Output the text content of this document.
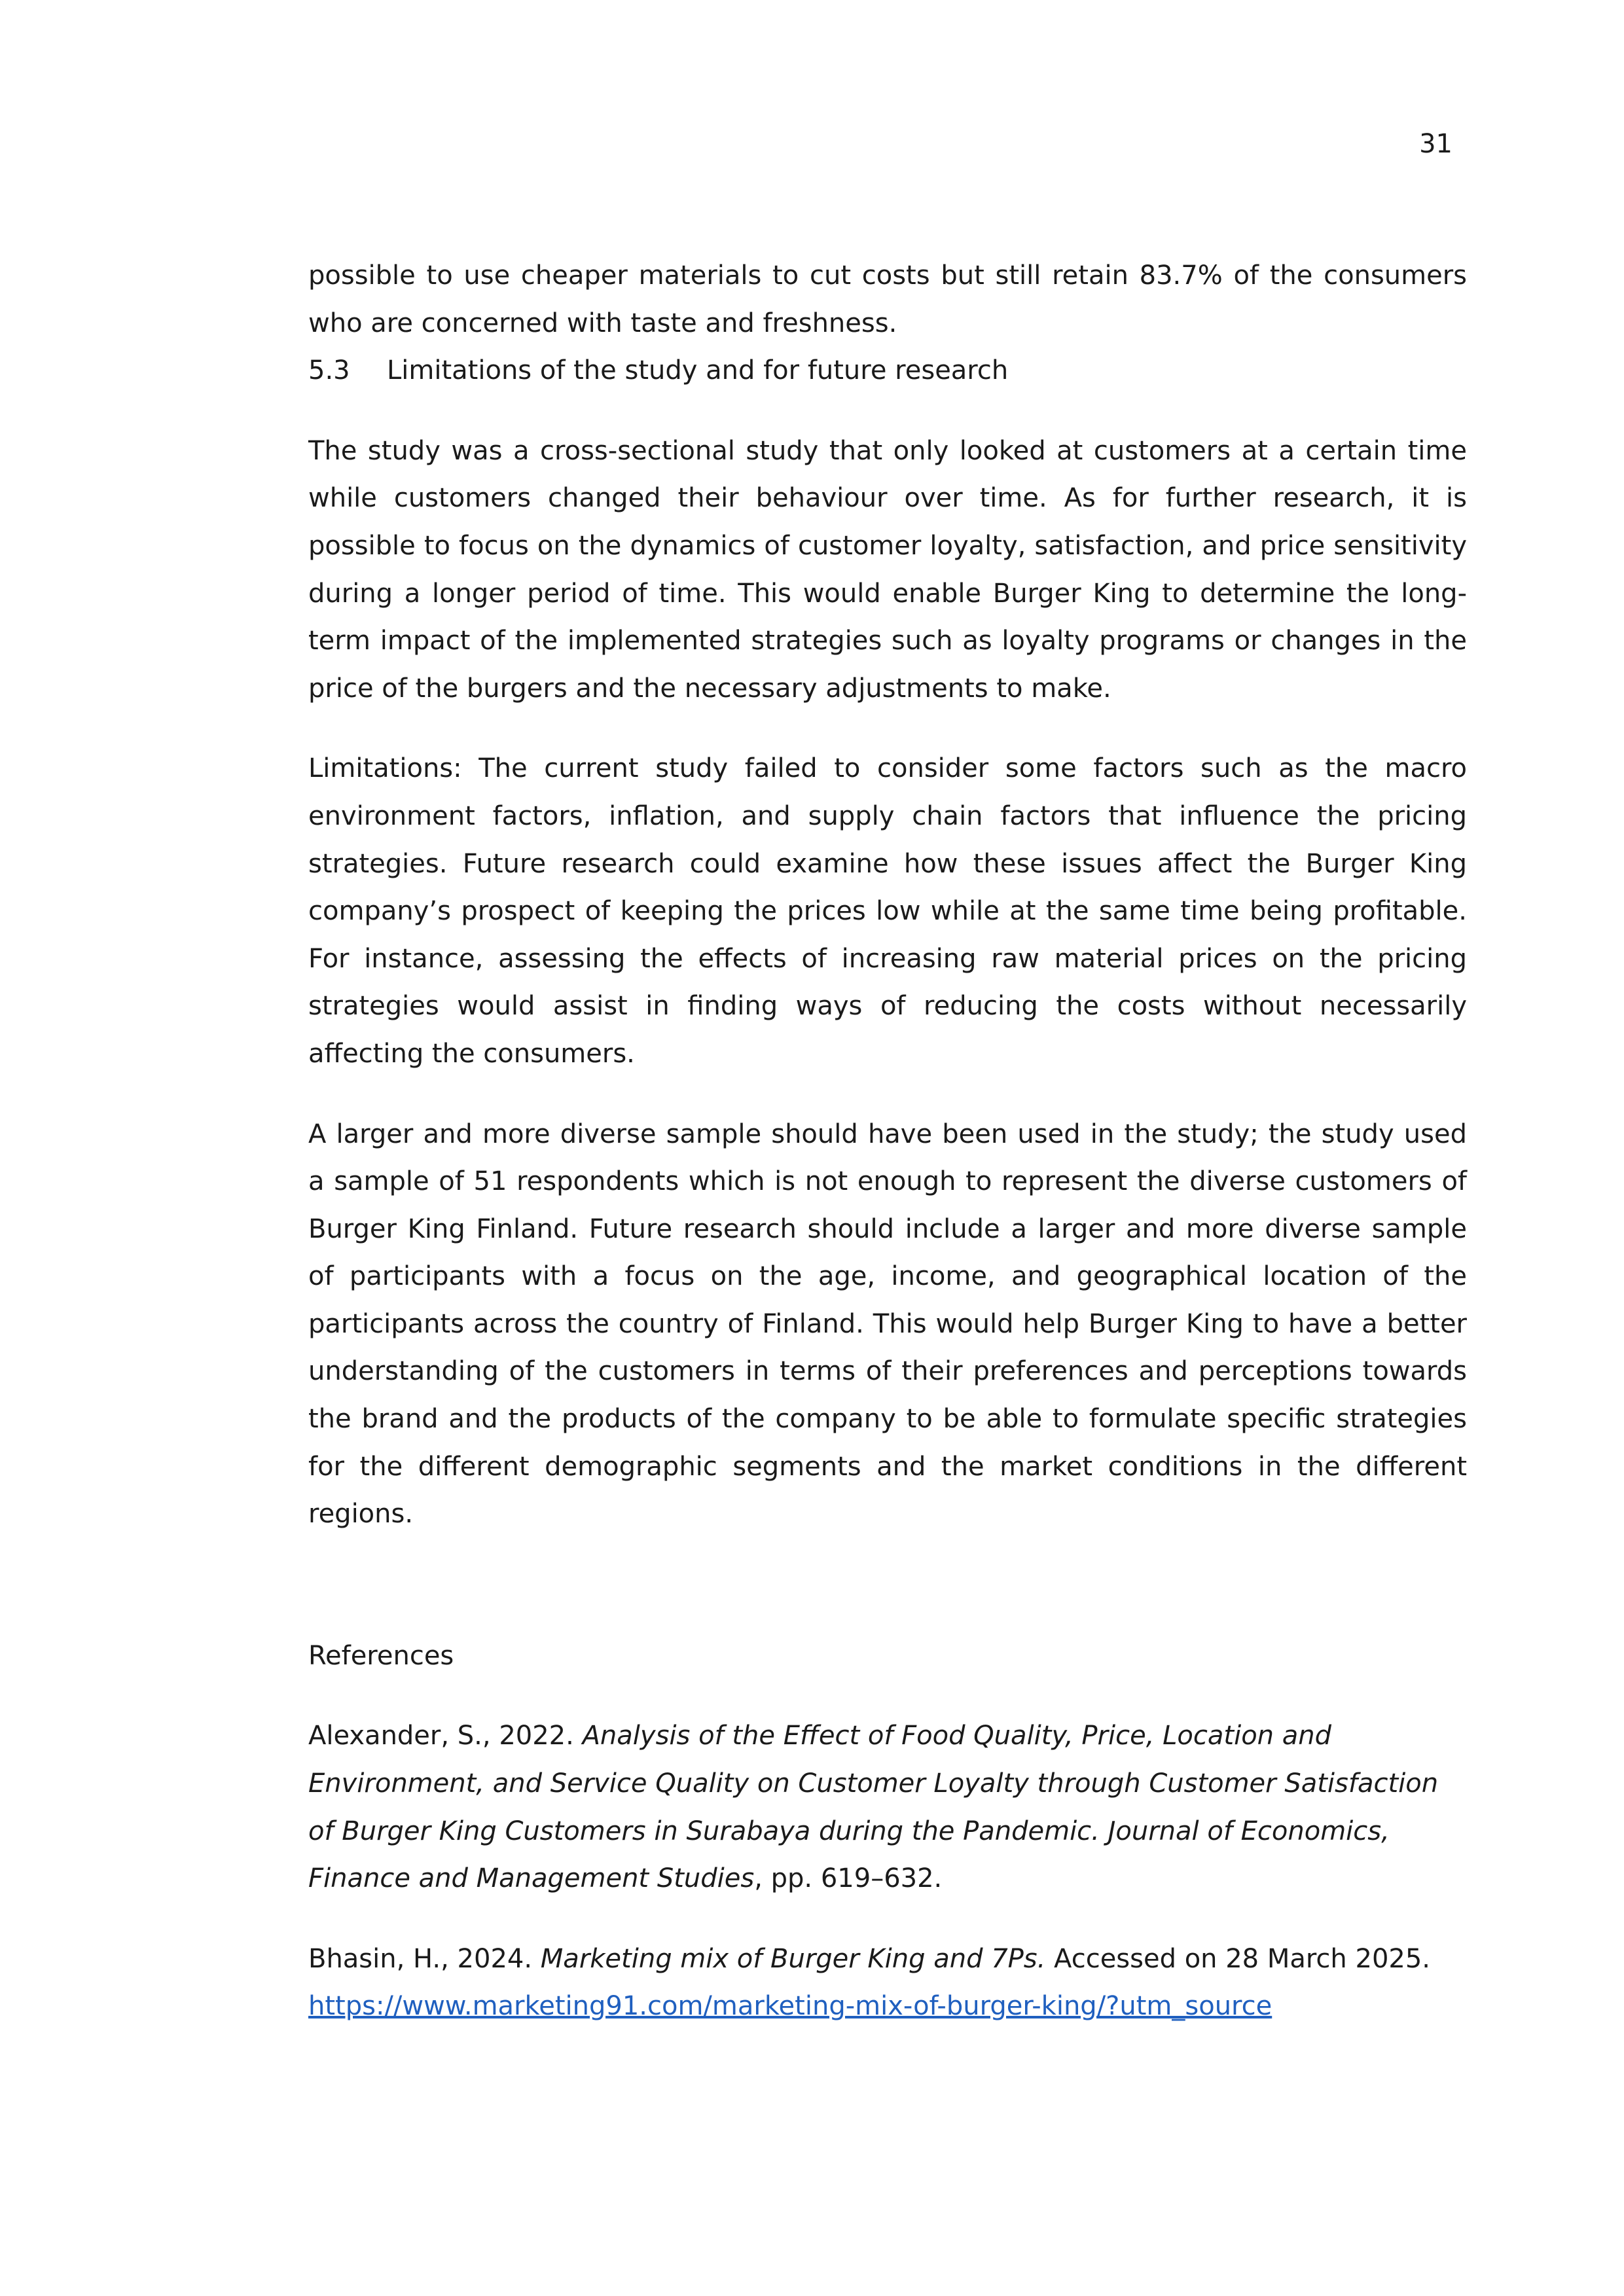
31

possible to use cheaper materials to cut costs but still retain 83.7% of the consumers who are concerned with taste and freshness.

5.3 Limitations of the study and for future research

The study was a cross-sectional study that only looked at customers at a certain time while customers changed their behaviour over time. As for further research, it is possible to focus on the dynamics of customer loyalty, satisfaction, and price sensitivity during a longer period of time. This would enable Burger King to determine the long-term impact of the implemented strategies such as loyalty programs or changes in the price of the burgers and the necessary adjustments to make.

Limitations: The current study failed to consider some factors such as the macro environment factors, inflation, and supply chain factors that influence the pricing strategies. Future research could examine how these issues affect the Burger King company’s prospect of keeping the prices low while at the same time being profitable. For instance, assessing the effects of increasing raw material prices on the pricing strategies would assist in finding ways of reducing the costs without necessarily affecting the consumers.

A larger and more diverse sample should have been used in the study; the study used a sample of 51 respondents which is not enough to represent the diverse customers of Burger King Finland. Future research should include a larger and more diverse sample of participants with a focus on the age, income, and geographical location of the participants across the country of Finland. This would help Burger King to have a better understanding of the customers in terms of their preferences and perceptions towards the brand and the products of the company to be able to formulate specific strategies for the different demographic segments and the market conditions in the different regions.

References

Alexander, S., 2022. Analysis of the Effect of Food Quality, Price, Location and Environment, and Service Quality on Customer Loyalty through Customer Satisfaction of Burger King Customers in Surabaya during the Pandemic. Journal of Economics, Finance and Management Studies, pp. 619–632.

Bhasin, H., 2024. Marketing mix of Burger King and 7Ps. Accessed on 28 March 2025.
https://www.marketing91.com/marketing-mix-of-burger-king/?utm_source
